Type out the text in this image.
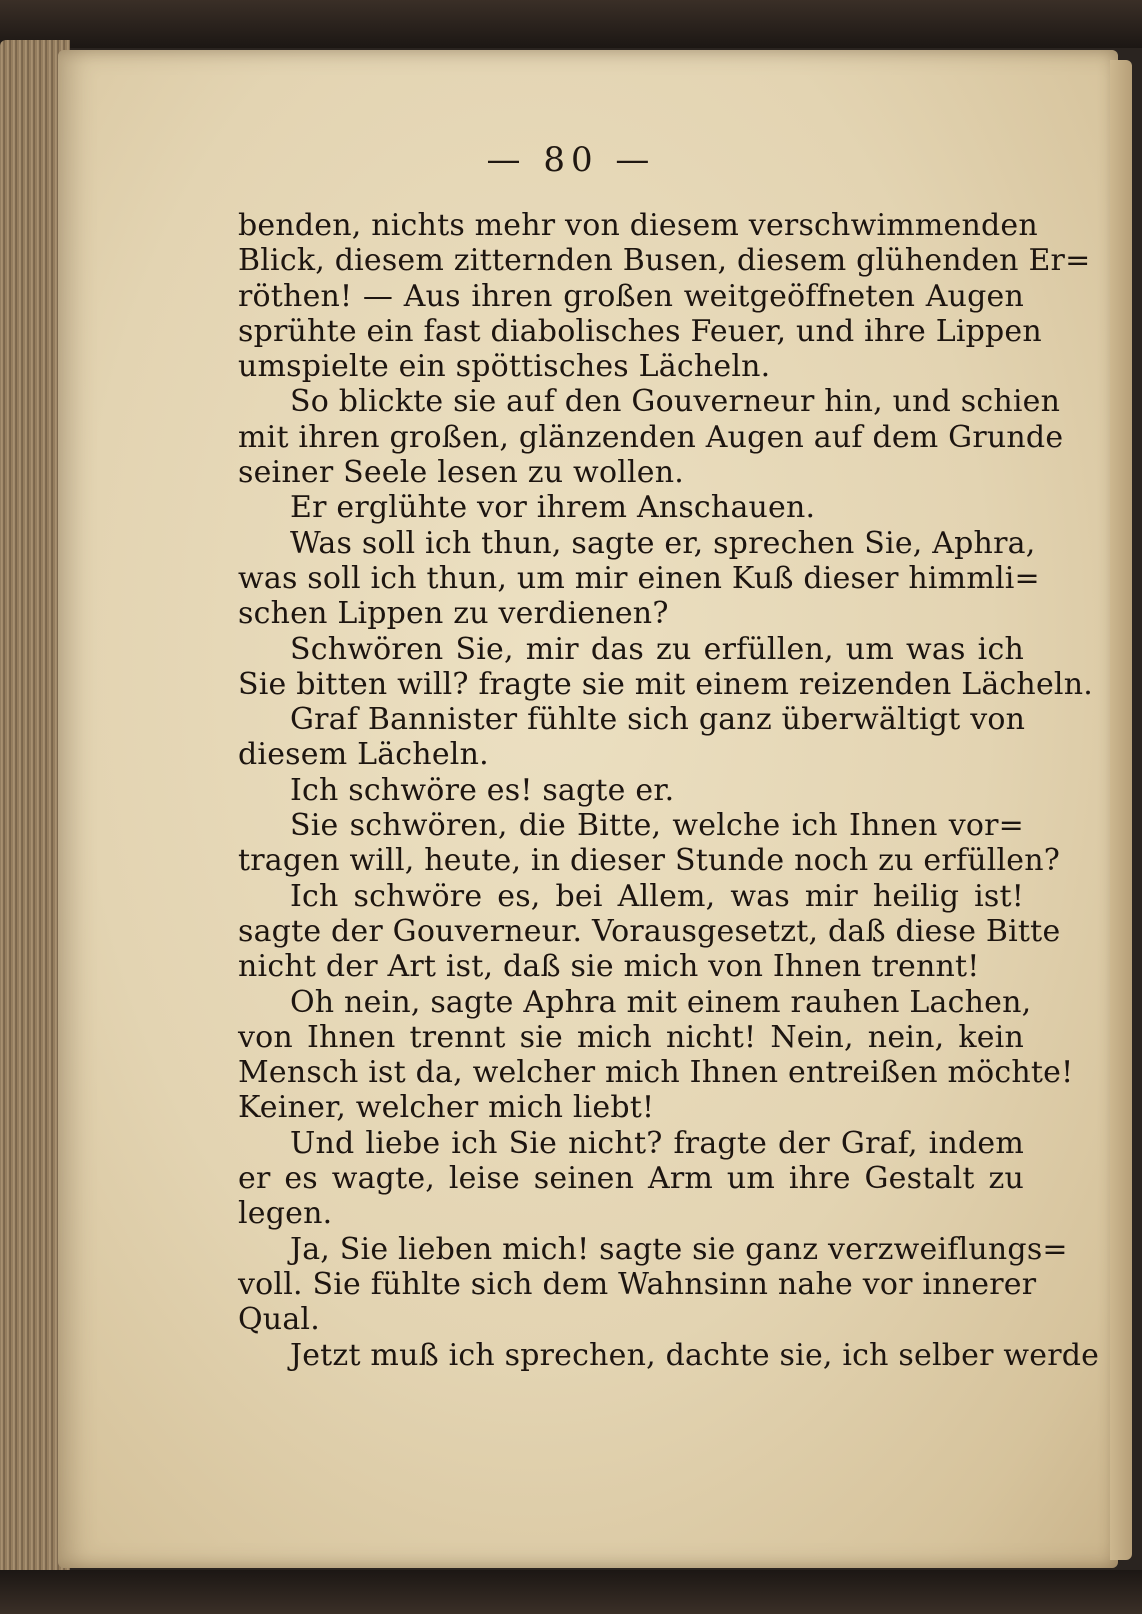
— 80 —
benden, nichts mehr von diesem verschwimmenden
Blick, diesem zitternden Busen, diesem glühenden Er=
röthen! — Aus ihren großen weitgeöffneten Augen
sprühte ein fast diabolisches Feuer, und ihre Lippen
umspielte ein spöttisches Lächeln.
So blickte sie auf den Gouverneur hin, und schien
mit ihren großen, glänzenden Augen auf dem Grunde
seiner Seele lesen zu wollen.
Er erglühte vor ihrem Anschauen.
Was soll ich thun, sagte er, sprechen Sie, Aphra,
was soll ich thun, um mir einen Kuß dieser himmli=
schen Lippen zu verdienen?
Schwören Sie, mir das zu erfüllen, um was ich
Sie bitten will? fragte sie mit einem reizenden Lächeln.
Graf Bannister fühlte sich ganz überwältigt von
diesem Lächeln.
Ich schwöre es! sagte er.
Sie schwören, die Bitte, welche ich Ihnen vor=
tragen will, heute, in dieser Stunde noch zu erfüllen?
Ich schwöre es, bei Allem, was mir heilig ist!
sagte der Gouverneur. Vorausgesetzt, daß diese Bitte
nicht der Art ist, daß sie mich von Ihnen trennt!
Oh nein, sagte Aphra mit einem rauhen Lachen,
von Ihnen trennt sie mich nicht! Nein, nein, kein
Mensch ist da, welcher mich Ihnen entreißen möchte!
Keiner, welcher mich liebt!
Und liebe ich Sie nicht? fragte der Graf, indem
er es wagte, leise seinen Arm um ihre Gestalt zu
legen.
Ja, Sie lieben mich! sagte sie ganz verzweiflungs=
voll. Sie fühlte sich dem Wahnsinn nahe vor innerer
Qual.
Jetzt muß ich sprechen, dachte sie, ich selber werde
